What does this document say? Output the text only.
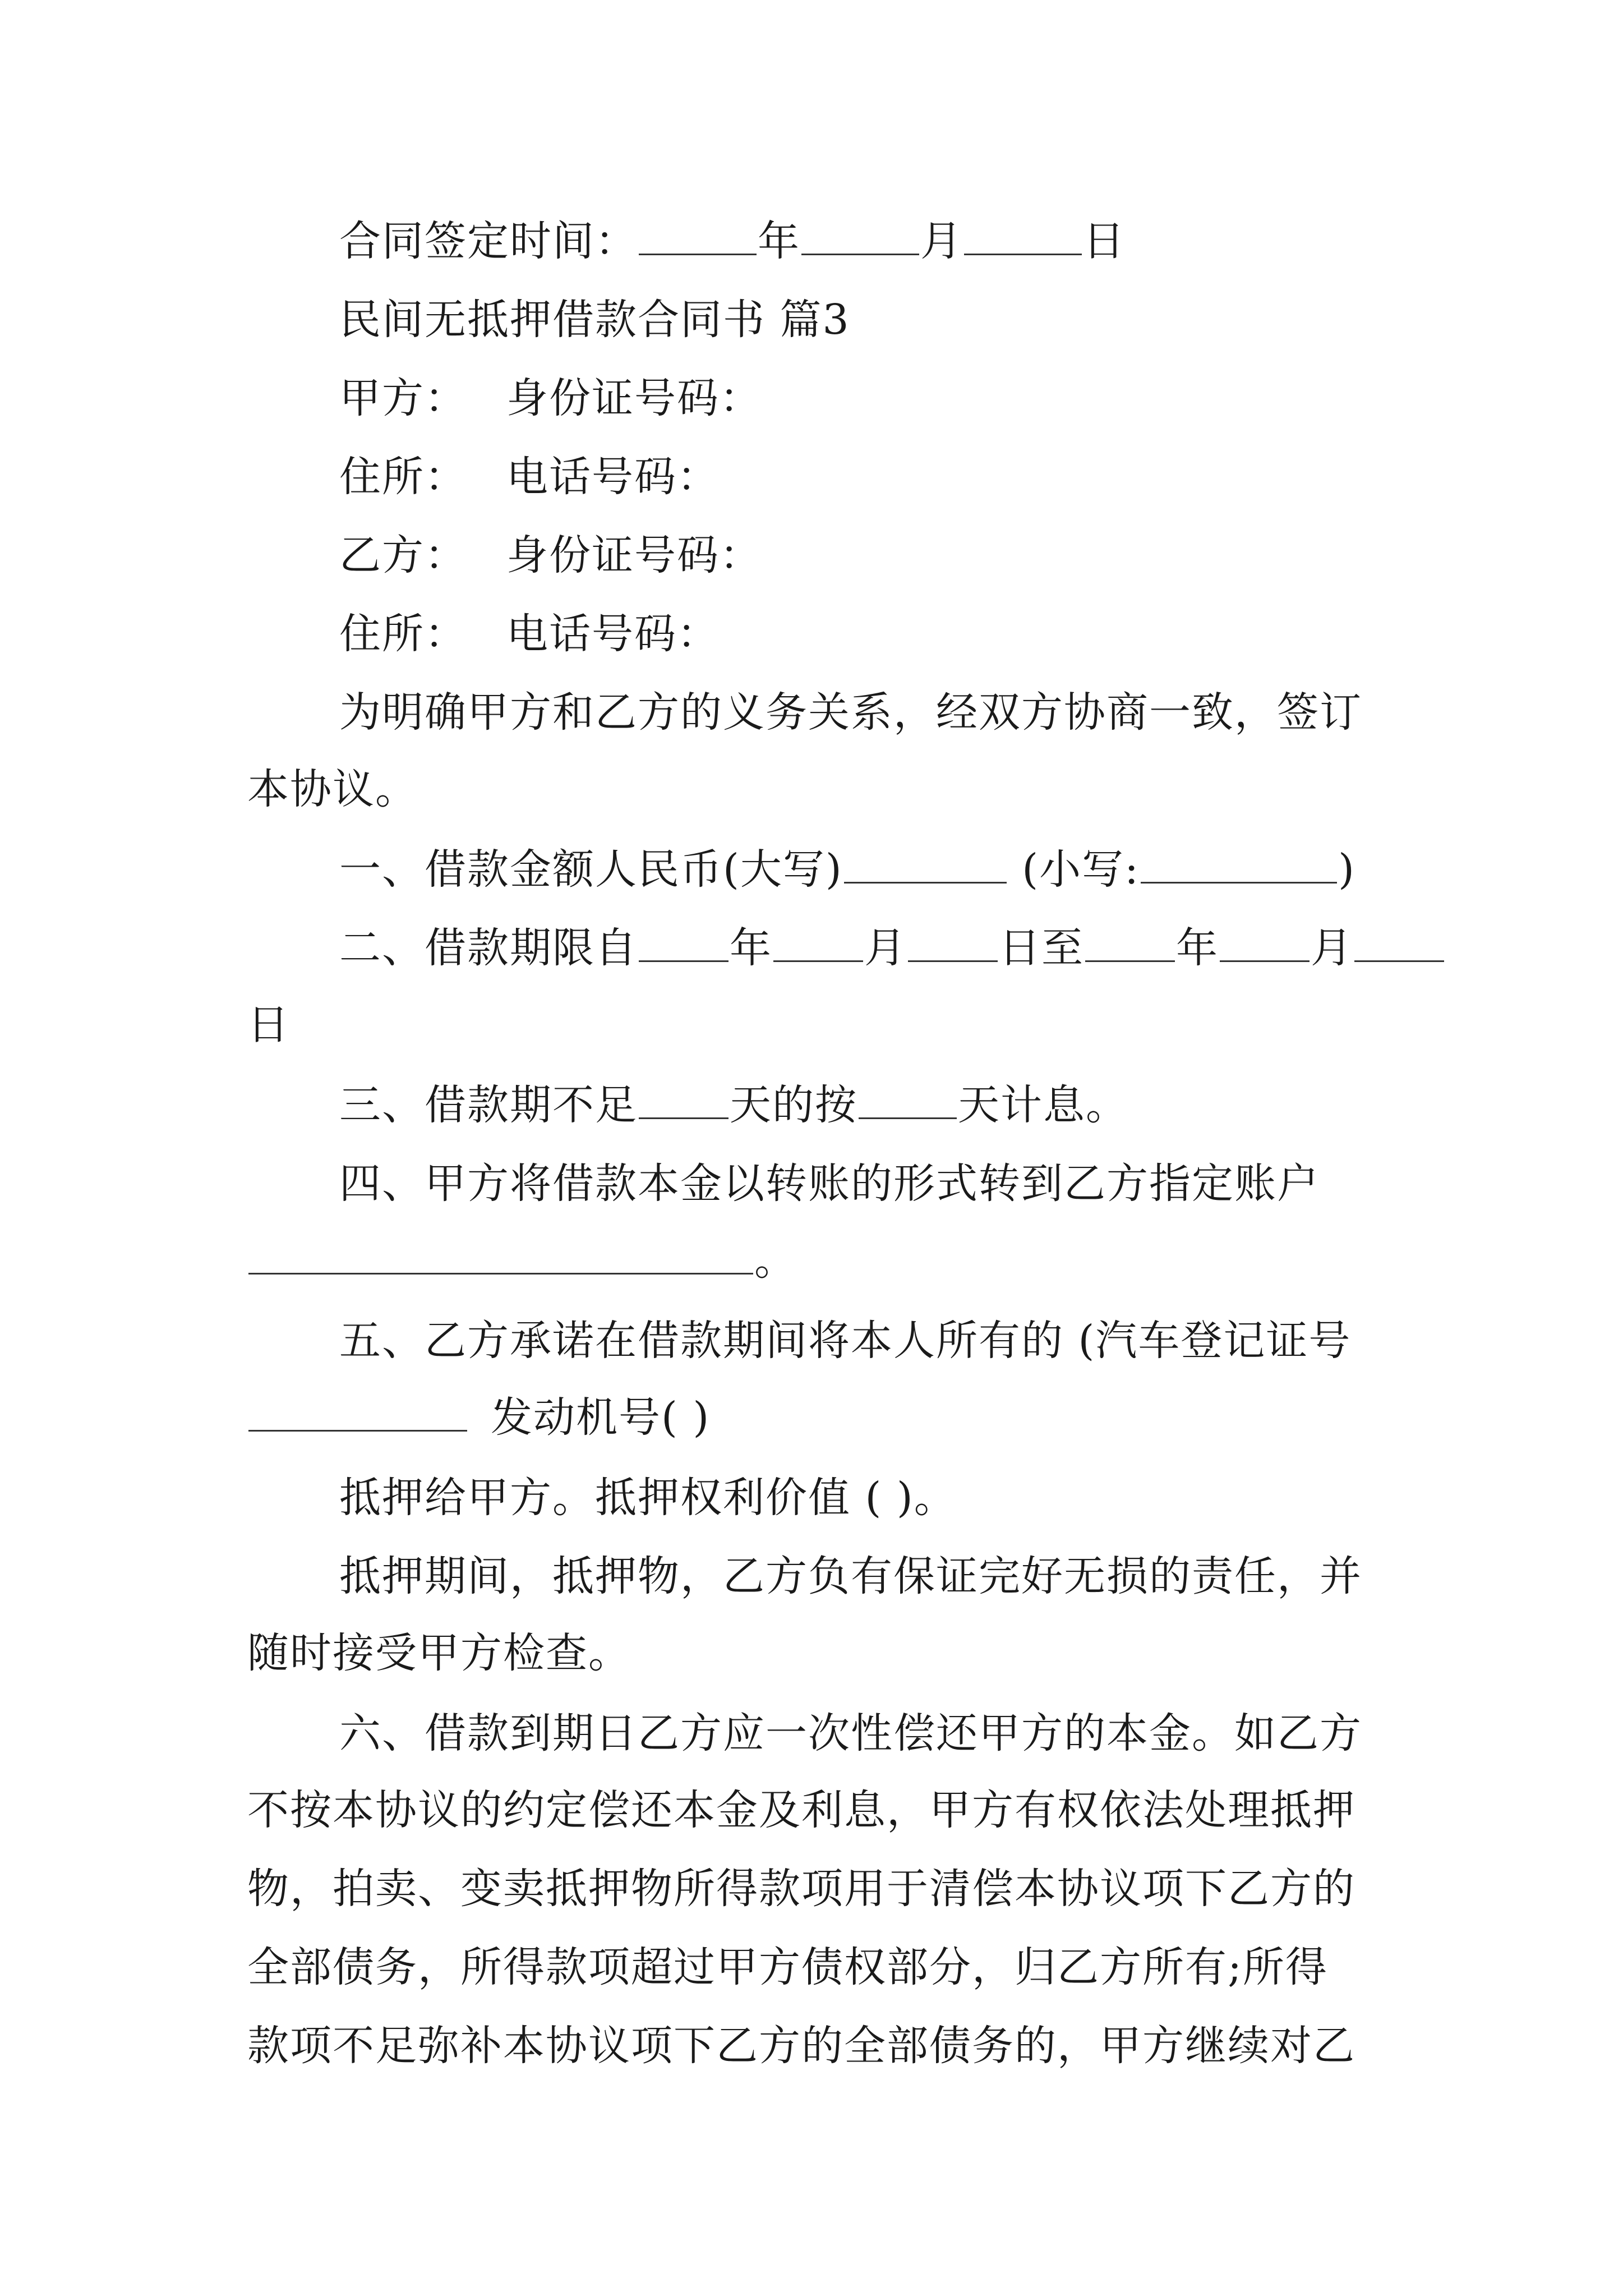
合同签定时间：	年	月	日
民间无抵押借款合同书 篇3
甲方： 身份证号码：
住所： 电话号码：
乙方： 身份证号码：
住所： 电话号码：
为明确甲方和乙方的义务关系，经双方协商一致，签订
本协议。
一、借款金额人民币(大写)	(小写:	)
二、借款期限自 年 月 日至 年 月
日
三、借款期不足 天的按 天计息。
四、甲方将借款本金以转账的形式转到乙方指定账户
。
五、乙方承诺在借款期间将本人所有的 (汽车登记证号
发动机号( )
抵押给甲方。抵押权利价值 ( )。
抵押期间，抵押物，乙方负有保证完好无损的责任，并
随时接受甲方检查。
六、借款到期日乙方应一次性偿还甲方的本金。如乙方
不按本协议的约定偿还本金及利息，甲方有权依法处理抵押
物，拍卖、变卖抵押物所得款项用于清偿本协议项下乙方的
全部债务，所得款项超过甲方债权部分，归乙方所有;所得
款项不足弥补本协议项下乙方的全部债务的，甲方继续对乙
